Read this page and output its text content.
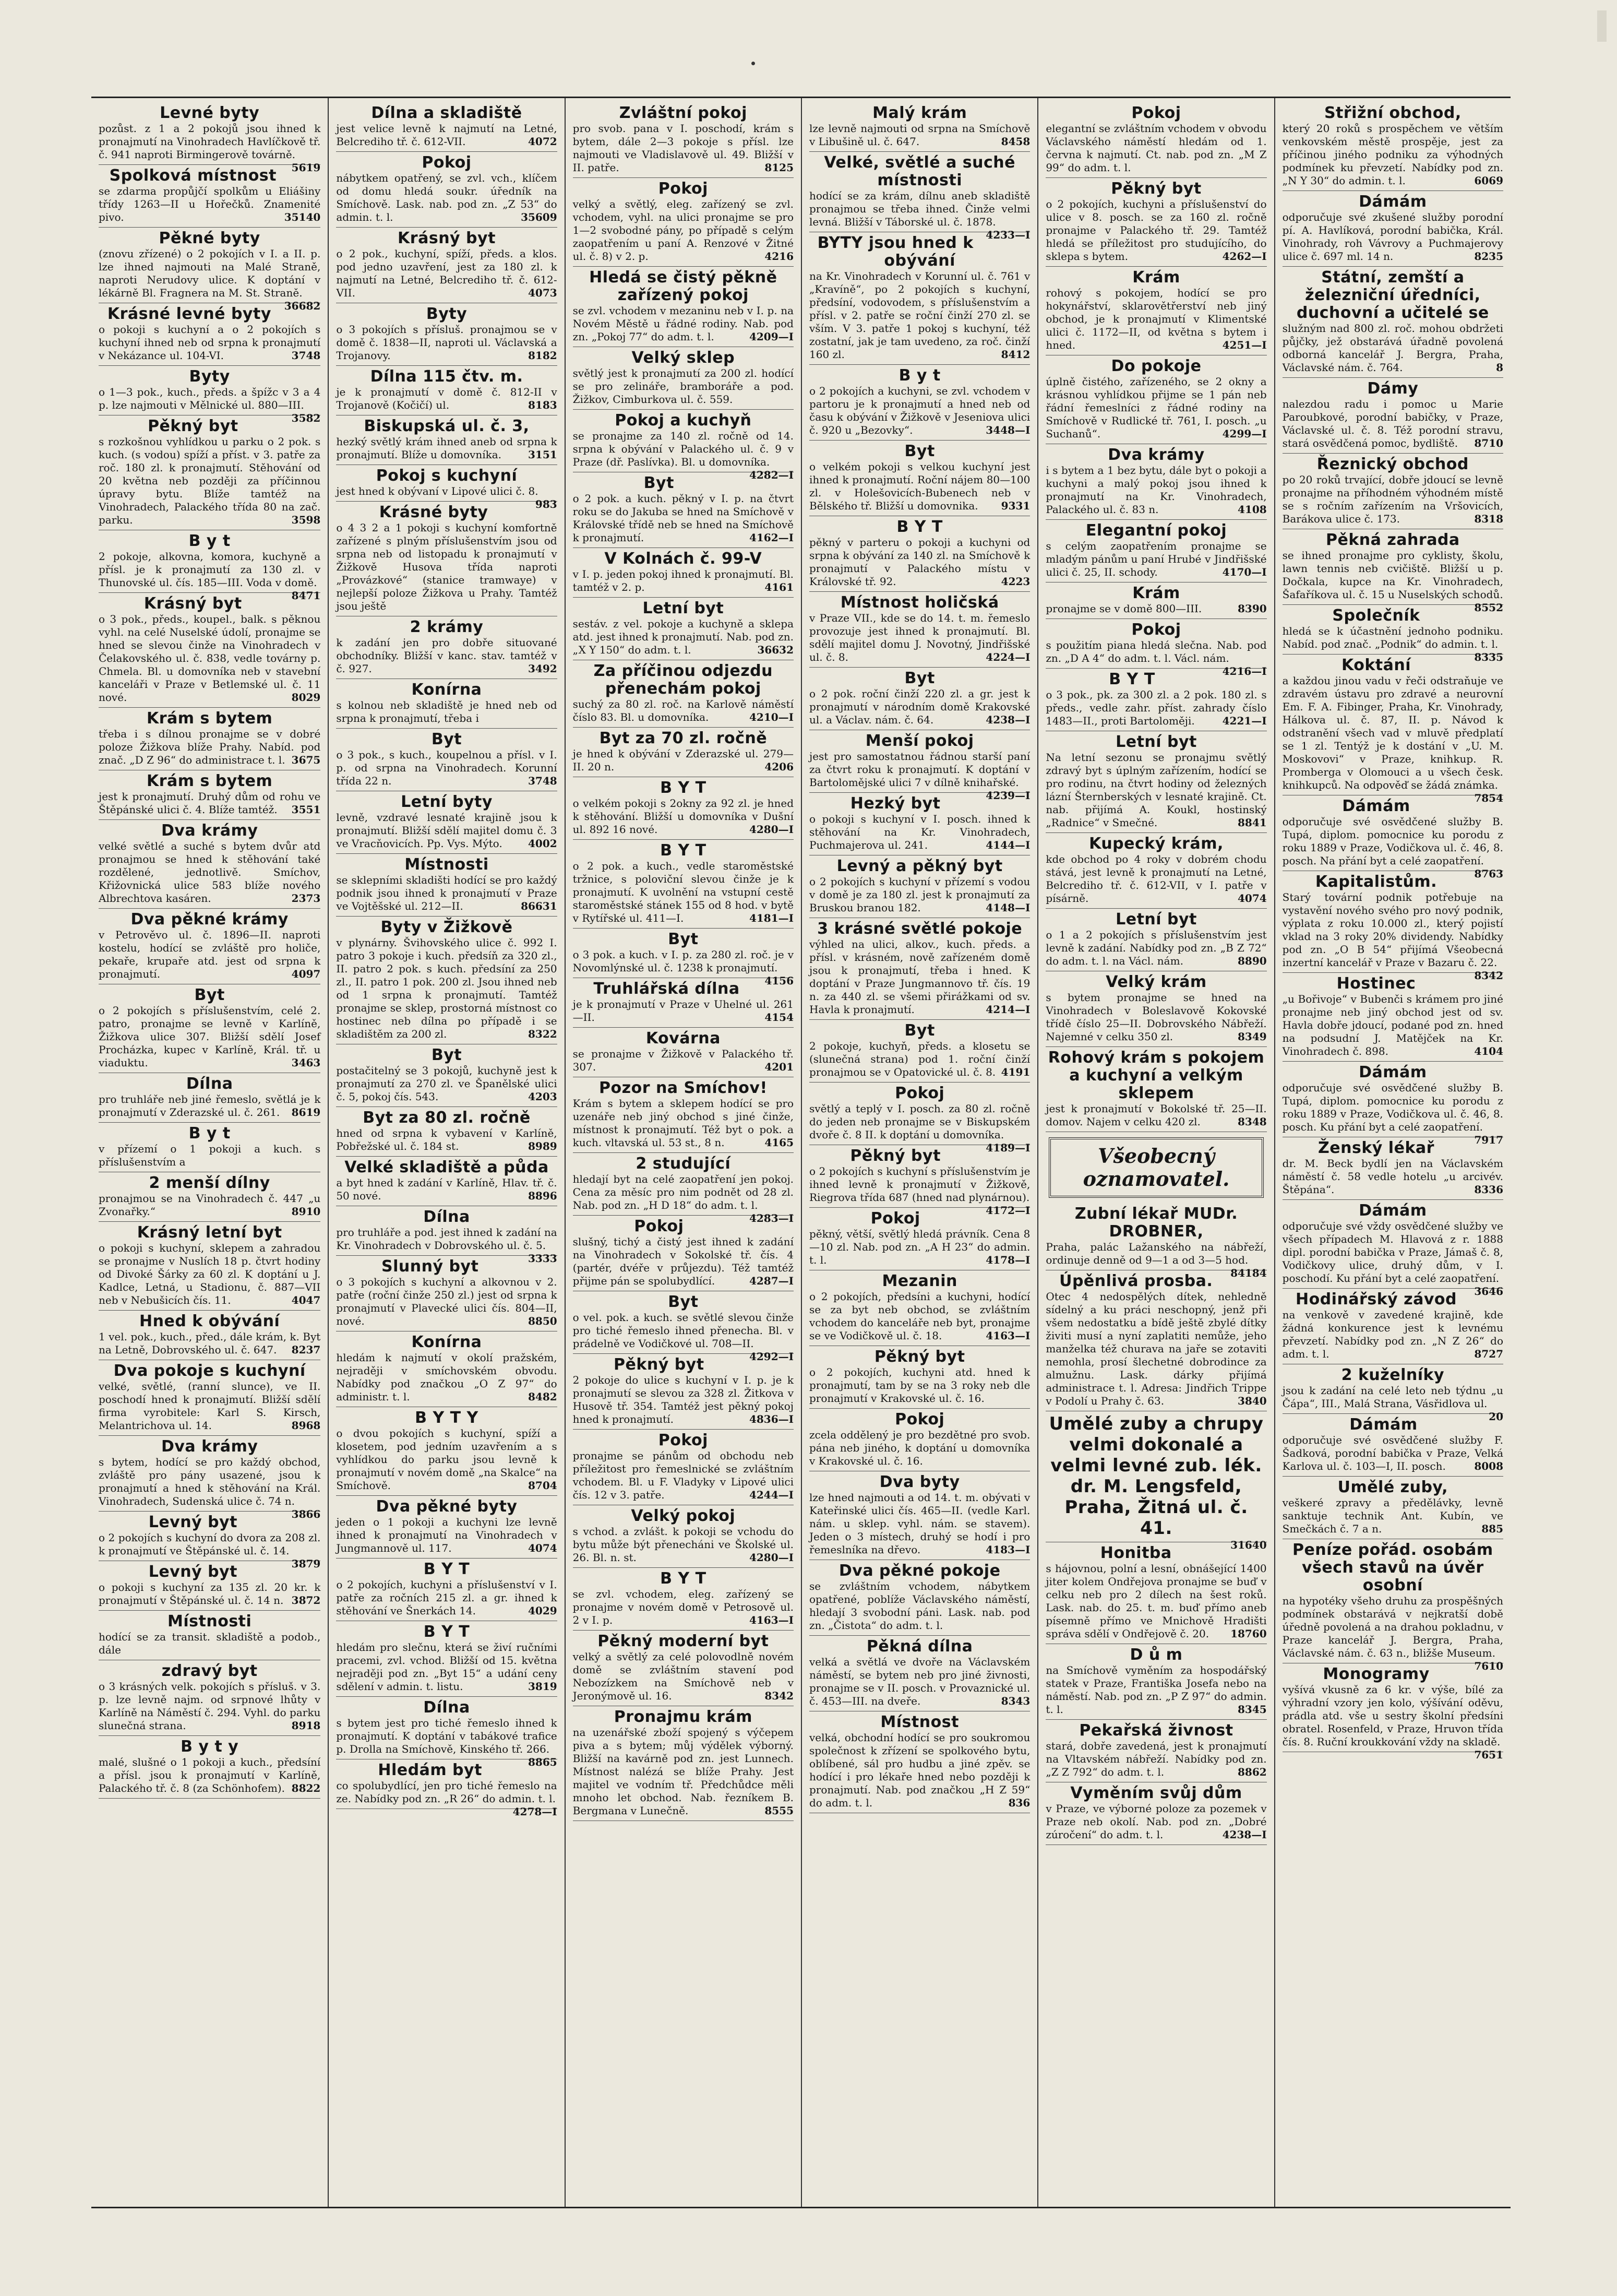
Levné byty
pozůst. z 1 a 2 pokojů jsou ihned k pronajmutí na Vinohradech Havlíčkově tř. č. 941 naproti Birmingerově továrně.
5619
Spolková místnost
se zdarma propůjčí spolkům u Eliášiny třídy 1263—II u Hořečků. Znamenité pivo.	35140
Pěkné byty
(znovu zřízené) o 2 pokojích v I. a II. p. lze ihned najmouti na Malé Straně, naproti Nerudovy ulice. K doptání v lékárně Bl. Fragnera na M. St. Straně.
36682
Krásné levné byty
o pokoji s kuchyní a o 2 pokojích s kuchyní ihned neb od srpna k pronajmutí v Nekázance ul. 104-VI.	3748
Byty
o 1—3 pok., kuch., předs. a špížc v 3 a 4 p. lze najmouti v Mělnické ul. 880—III.
3582
Pěkný byt
s rozkošnou vyhlídkou u parku o 2 pok. s kuch. (s vodou) spíží a příst. v 3. patře za roč. 180 zl. k pronajmutí. Stěhování od 20 května neb později za příčinnou úpravy bytu. Blíže tamtéž na Vinohradech, Palackého třída 80 na zač. parku.	3598
B y t
2 pokoje, alkovna, komora, kuchyně a přísl. je k pronajmutí za 130 zl. v Thunovské ul. čís. 185—III. Voda v domě.
8471
Krásný byt
o 3 pok., předs., koupel., balk. s pěknou vyhl. na celé Nuselské údolí, pronajme se hned se slevou činže na Vinohradech v Čelakovského ul. č. 838, vedle továrny p. Chmela. Bl. u domovníka neb v stavební kanceláři v Praze v Betlemské ul. č. 11 nové.	8029
Krám s bytem
třeba i s dílnou pronajme se v dobré poloze Žižkova blíže Prahy. Nabíd. pod znač. „D Z 96“ do administrace t. l. 3675
Krám s bytem
jest k pronajmutí. Druhý dům od rohu ve Štěpánské ulici č. 4. Blíže tamtéž. 3551
Dva krámy
velké světlé a suché s bytem dvůr atd pronajmou se hned k stěhování také rozdělené, jednotlivě. Smíchov, Křižovnická ulice 583 blíže nového Albrechtova kasáren.	2373
Dva pěkné krámy
v Petrověvo ul. č. 1896—II. naproti kostelu, hodící se zvláště pro holiče, pekaře, krupaře atd. jest od srpna k pronajmutí.	4097
Byt
o 2 pokojích s příslušenstvím, celé 2. patro, pronajme se levně v Karlíně, Žižkova ulice 307. Bližší sdělí Josef Procházka, kupec v Karlíně, Král. tř. u viaduktu.	3463
Dílna
pro truhláře neb jiné řemeslo, světlá je k pronajmutí v Zderazské ul. č. 261. 8619
B y t
v přízemí o 1 pokoji a kuch. s příslušenstvím a
2 menší dílny
pronajmou se na Vinohradech č. 447 „u Zvonařky.“	8910
Krásný letní byt
o pokoji s kuchyní, sklepem a zahradou se pronajme v Nuslích 18 p. čtvrt hodiny od Divoké Šárky za 60 zl. K doptání u J. Kadlce, Letná, u Stadionu, č. 887—VII neb v Nebušicích čís. 11.	4047
Hned k obývání
1 vel. pok., kuch., před., dále krám, k. Byt na Letně, Dobrovského ul. č. 647. 8237
Dva pokoje s kuchyní
velké, světlé, (ranní slunce), ve II. poschodí hned k pronajmutí. Bližší sdělí firma vyrobitele: Karl S. Kirsch, Melantrichova ul. 14.	8968
Dva krámy
s bytem, hodící se pro každý obchod, zvláště pro pány usazené, jsou k pronajmutí a hned k stěhování na Král. Vinohradech, Sudenská ulice č. 74 n.
3866
Levný byt
o 2 pokojích s kuchyní do dvora za 208 zl. k pronajmutí ve Štěpánské ul. č. 14.
3879
Levný byt
o pokoji s kuchyní za 135 zl. 20 kr. k pronajmutí v Štěpánské ul. č. 14 n. 3872
Místnosti
hodící se za transit. skladiště a podob., dále
zdravý byt
o 3 krásných velk. pokojích s přísluš. v 3. p. lze levně najm. od srpnové lhůty v Karlíně na Náměstí č. 294. Vyhl. do parku slunečná strana.	8918
B y t y
malé, slušné o 1 pokoji a kuch., předsíní a přísl. jsou k pronajmutí v Karlíně, Palackého tř. č. 8 (za Schönhofem). 8822
Dílna a skladiště
jest velice levně k najmutí na Letné, Belcrediho tř. č. 612-VII.	4072
Pokoj
nábytkem opatřený, se zvl. vch., klíčem od domu hledá soukr. úředník na Smíchově. Lask. nab. pod zn. „Z 53“ do admin. t. l.	35609
Krásný byt
o 2 pok., kuchyní, spíží, předs. a klos. pod jedno uzavření, jest za 180 zl. k najmutí na Letné, Belcrediho tř. č. 612-VII.	4073
Byty
o 3 pokojích s přísluš. pronajmou se v domě č. 1838—II, naproti ul. Václavská a Trojanovy.	8182
Dílna 115 čtv. m.
je k pronajmutí v domě č. 812-II v Trojanově (Kočičí) ul.	8183
Biskupská ul. č. 3,
hezký světlý krám ihned aneb od srpna k pronajmutí. Blíže u domovníka.	3151
Pokoj s kuchyní
jest hned k obývaní v Lipové ulici č. 8.
983
Krásné byty
o 4 3 2 a 1 pokoji s kuchyní komfortně zařízené s plným příslušenstvím jsou od srpna neb od listopadu k pronajmutí v Žižkově Husova třída naproti „Provázkové“ (stanice tramwaye) v nejlepší poloze Žižkova u Prahy. Tamtéž jsou ještě
2 krámy
k zadání jen pro dobře situované obchodníky. Bližší v kanc. stav. tamtéž v č. 927.	3492
Konírna
s kolnou neb skladiště je hned neb od srpna k pronajmutí, třeba i
Byt
o 3 pok., s kuch., koupelnou a přísl. v I. p. od srpna na Vinohradech. Korunní třída 22 n.	3748
Letní byty
levně, vzdravé lesnaté krajině jsou k pronajmutí. Bližší sdělí majitel domu č. 3 ve Vracňovicích. Pp. Vys. Mýto. 4002
Místnosti
se sklepními skladišti hodící se pro každý podnik jsou ihned k pronajmutí v Praze ve Vojtěšské ul. 212—II.	86631
Byty v Žižkově
v plynárny. Švihovského ulice č. 992 I. patro 3 pokoje i kuch. předsíň za 320 zl., II. patro 2 pok. s kuch. předsíní za 250 zl., II. patro 1 pok. 200 zl. Jsou ihned neb od 1 srpna k pronajmutí. Tamtéž pronajme se sklep, prostorná místnost co hostinec neb dílna po případě i se skladištěm za 200 zl.	8322
Byt
postačitelný se 3 pokojů, kuchyně jest k pronajmutí za 270 zl. ve Španělské ulici č. 5, pokoj čís. 543.	4203
Byt za 80 zl. ročně
hned od srpna k vybavení v Karlíně, Pobřežské ul. č. 184 st.	8989
Velké skladiště a půda
a byt hned k zadání v Karlíně, Hlav. tř. č. 50 nové.	8896
Dílna
pro truhláře a pod. jest ihned k zadání na Kr. Vinohradech v Dobrovského ul. č. 5.
3333
Slunný byt
o 3 pokojích s kuchyní a alkovnou v 2. patře (roční činže 250 zl.) jest od srpna k pronajmutí v Plavecké ulici čís. 804—II, nové.	8850
Konírna
hledám k najmutí v okolí pražském, nejraději v smíchovském obvodu. Nabídky pod značkou „O Z 97“ do administr. t. l.	8482
B Y T Y
o dvou pokojích s kuchyní, spíží a klosetem, pod jedním uzavřením a s vyhlídkou do parku jsou levně k pronajmutí v novém domě „na Skalce“ na Smíchově.	8704
Dva pěkné byty
jeden o 1 pokoji a kuchyni lze levně ihned k pronajmutí na Vinohradech v Jungmannově ul. 117.	4074
B Y T
o 2 pokojích, kuchyni a příslušenství v I. patře za ročních 215 zl. a gr. ihned k stěhování ve Šnerkách 14.	4029
B Y T
hledám pro slečnu, která se živí ručními pracemi, zvl. vchod. Bližší od 15. května nejraději pod zn. „Byt 15“ a udání ceny sdělení v admin. t. listu.	3819
Dílna
s bytem jest pro tiché řemeslo ihned k pronajmutí. K doptání v tabákové trafice p. Drolla na Smíchově, Kinského tř. 266.
8865
Hledám byt
co spolubydlící, jen pro tiché řemeslo na ze. Nabídky pod zn. „R 26“ do admin. t. l.
4278—I
Zvláštní pokoj
pro svob. pana v I. poschodí, krám s bytem, dále 2—3 pokoje s přísl. lze najmouti ve Vladislavově ul. 49. Bližší v II. patře.	8125
Pokoj
velký a světlý, eleg. zařízený se zvl. vchodem, vyhl. na ulici pronajme se pro 1—2 svobodné pány, po případě s celým zaopatřením u paní A. Renzové v Žitné ul. č. 8) v 2. p.	4216
Hledá se čistý pěkně zařízený pokoj
se zvl. vchodem v mezaninu neb v I. p. na Novém Městě u řádné rodiny. Nab. pod zn. „Pokoj 77“ do adm. t. l.	4209—I
Velký sklep
světlý jest k pronajmutí za 200 zl. hodící se pro zelináře, bramboráře a pod. Žižkov, Cimburkova ul. č. 559.
Pokoj a kuchyň
se pronajme za 140 zl. ročně od 14. srpna k obývání v Palackého ul. č. 9 v Praze (dř. Paslívka). Bl. u domovníka.
4282—I
Byt
o 2 pok. a kuch. pěkný v I. p. na čtvrt roku se do Jakuba se hned na Smíchově v Královské třídě neb se hned na Smíchově k pronajmutí.	4162—I
V Kolnách č. 99-V
v I. p. jeden pokoj ihned k pronajmutí. Bl. tamtéž v 2. p.	4161
Letní byt
sestáv. z vel. pokoje a kuchyně a sklepa atd. jest ihned k pronajmutí. Nab. pod zn. „X Y 150“ do adm. t. l.	36632
Za příčinou odjezdu přenechám pokoj
suchý za 80 zl. roč. na Karlově náměstí číslo 83. Bl. u domovníka.	4210—I
Byt za 70 zl. ročně
je hned k obývání v Zderazské ul. 279—II. 20 n.	4206
B Y T
o velkém pokoji s 2okny za 92 zl. je hned k stěhování. Bližší u domovníka v Dušní ul. 892 16 nové.	4280—I
B Y T
o 2 pok. a kuch., vedle staroměstské tržnice, s poloviční slevou činže je k pronajmutí. K uvolnění na vstupní cestě staroměstské stánek 155 od 8 hod. v bytě v Rytířské ul. 411—I.	4181—I
Byt
o 3 pok. a kuch. v I. p. za 280 zl. roč. je v Novomlýnské ul. č. 1238 k pronajmutí.
4156
Truhlářská dílna
je k pronajmutí v Praze v Uhelné ul. 261—II.	4154
Kovárna
se pronajme v Žižkově v Palackého tř. 307.	4201
Pozor na Smíchov!
Krám s bytem a sklepem hodící se pro uzenáře neb jiný obchod s jiné činže, místnost k pronajmutí. Též byt o pok. a kuch. vltavská ul. 53 st., 8 n.	4165
2 studující
hledají byt na celé zaopatření jen pokoj. Cena za měsíc pro nim podnět od 28 zl. Nab. pod zn. „H D 18“ do adm. t. l.
4283—I
Pokoj
slušný, tichý a čistý jest ihned k zadání na Vinohradech v Sokolské tř. čís. 4 (partér, dvéře v průjezdu). Též tamtéž přijme pán se spolubydlící.	4287—I
Byt
o vel. pok. a kuch. se světlé slevou činže pro tiché řemeslo ihned přenecha. Bl. v prádelně ve Vodičkové ul. 708—II.
4292—I
Pěkný byt
2 pokoje do ulice s kuchyní v I. p. je k pronajmutí se slevou za 328 zl. Žitkova v Husově tř. 354. Tamtéž jest pěkný pokoj hned k pronajmutí.	4836—I
Pokoj
pronajme se pánům od obchodu neb příležitost pro řemeslnické se zvláštním vchodem. Bl. u F. Vladyky v Lipové ulici čís. 12 v 3. patře.	4244—I
Velký pokoj
s vchod. a zvlášt. k pokoji se vchodu do bytu může být přenecháni ve Školské ul. 26. Bl. n. st.	4280—I
B Y T
se zvl. vchodem, eleg. zařízený se pronajme v novém domě v Petrosově ul. 2 v I. p.	4163—I
Pěkný moderní byt
velký a světlý za celé polovodlně novém domě se zvláštním stavení pod Nebozízkem na Smíchově neb v Jeronýmově ul. 16.	8342
Pronajmu krám
na uzenářské zboží spojený s výčepem piva a s bytem; můj výdělek výborný. Bližší na kavárně pod zn. jest Lunnech. Místnost nalézá se blíže Prahy. Jest majitel ve vodním tř. Předchůdce měli mnoho let obchod. Nab. řezníkem B. Bergmana v Lunečně.	8555
Malý krám
lze levně najmouti od srpna na Smíchově v Libušině ul. č. 647.	8458
Velké, světlé a suché místnosti
hodící se za krám, dílnu aneb skladiště pronajmou se třeba ihned. Činže velmi levná. Bližší v Táborské ul. č. 1878.
4233—I
BYTY jsou hned k obývání
na Kr. Vinohradech v Korunní ul. č. 761 v „Kravíně“, po 2 pokojích s kuchyní, předsíní, vodovodem, s příslušenstvím a přísl. v 2. patře se roční činží 270 zl. se vším. V 3. patře 1 pokoj s kuchyní, též zostatní, jak je tam uvedeno, za roč. činží 160 zl.	8412
B y t
o 2 pokojích a kuchyni, se zvl. vchodem v partoru je k pronajmutí a hned neb od času k obývání v Žižkově v Jeseniova ulici č. 920 u „Bezovky“.	3448—I
Byt
o velkém pokoji s velkou kuchyní jest ihned k pronajmutí. Roční nájem 80—100 zl. v Holešovicích-Bubenech neb v Bělského tř. Bližší u domovnika. 9331
B Y T
pěkný v parteru o pokoji a kuchyni od srpna k obývání za 140 zl. na Smíchově k pronajmutí v Palackého místu v Královské tř. 92.	4223
Místnost holičská
v Praze VII., kde se do 14. t. m. řemeslo provozuje jest ihned k pronajmutí. Bl. sdělí majitel domu J. Novotný, Jindřišské ul. č. 8.	4224—I
Byt
o 2 pok. roční činží 220 zl. a gr. jest k pronajmutí v národním domě Krakovské ul. a Václav. nám. č. 64.	4238—I
Menší pokoj
jest pro samostatnou řádnou starší paní za čtvrt roku k pronajmutí. K doptání v Bartolomějské ulici 7 v dílně knihařské.
4239—I
Hezký byt
o pokoji s kuchyní v I. posch. ihned k stěhování na Kr. Vinohradech, Puchmajerova ul. 241.	4144—I
Levný a pěkný byt
o 2 pokojích s kuchyní v přízemí s vodou v domě je za 180 zl. jest k pronajmutí za Bruskou branou 182.	4148—I
3 krásné světlé pokoje
výhled na ulici, alkov., kuch. předs. a přísl. v krásném, nově zařízeném domě jsou k pronajmutí, třeba i hned. K doptání v Praze Jungmannovo tř. čís. 19 n. za 440 zl. se všemi přirážkami od sv. Havla k pronajmutí.	4214—I
Byt
2 pokoje, kuchyň, předs. a klosetu se (slunečná strana) pod 1. roční činží pronajmou se v Opatovické ul. č. 8. 4191
Pokoj
světlý a teplý v I. posch. za 80 zl. ročně do jeden neb pronajme se v Biskupském dvoře č. 8 II. k doptání u domovníka.
4189—I
Pěkný byt
o 2 pokojích s kuchyní s příslušenstvím je ihned levně k pronajmutí v Žižkově, Riegrova třída 687 (hned nad plynárnou).
4172—I
Pokoj
pěkný, větší, světlý hledá právník. Cena 8—10 zl. Nab. pod zn. „A H 23“ do admin. t. l.	4178—I
Mezanin
o 2 pokojích, předsíni a kuchyni, hodící se za byt neb obchod, se zvláštním vchodem do kanceláře neb byt, pronajme se ve Vodičkově ul. č. 18.	4163—I
Pěkný byt
o 2 pokojích, kuchyni atd. hned k pronajmutí, tam by se na 3 roky neb dle pronajmutí v Krakovské ul. č. 16.
Pokoj
zcela oddělený je pro bezdětné pro svob. pána neb jiného, k doptání u domovníka v Krakovské ul. č. 16.
Dva byty
lze hned najmouti a od 14. t. m. obývati v Kateřinské ulici čís. 465—II. (vedle Karl. nám. u sklep. vyhl. nám. se stavem). Jeden o 3 místech, druhý se hodí i pro řemeslníka na dřevo.	4183—I
Dva pěkné pokoje
se zvláštním vchodem, nábytkem opatřené, poblíže Václavského náměstí, hledají 3 svobodní páni. Lask. nab. pod zn. „Čistota“ do adm. t. l.
Pěkná dílna
velká a světlá ve dvoře na Václavském náměstí, se bytem neb pro jiné živnosti, pronajme se v II. posch. v Provaznické ul. č. 453—III. na dveře.	8343
Místnost
velká, obchodní hodící se pro soukromou společnost k zřízení se spolkového bytu, oblíbené, sál pro hudbu a jiné zpěv. se hodící i pro lékaře hned nebo později k pronajmutí. Nab. pod značkou „H Z 59“ do adm. t. l.	836
Pokoj
elegantní se zvláštním vchodem v obvodu Václavského náměstí hledám od 1. června k najmutí. Ct. nab. pod zn. „M Z 99“ do adm. t. l.
Pěkný byt
o 2 pokojích, kuchyni a příslušenství do ulice v 8. posch. se za 160 zl. ročně pronajme v Palackého tř. 29. Tamtéž hledá se příležitost pro studujícího, do sklepa s bytem.	4262—I
Krám
rohový s pokojem, hodící se pro hokynářství, sklarovětřerství neb jiný obchod, je k pronajmutí v Klimentské ulici č. 1172—II, od května s bytem i hned.	4251—I
Do pokoje
úplně čistého, zařízeného, se 2 okny a krásnou vyhlídkou přijme se 1 pán neb řádní řemeslníci z řádné rodiny na Smíchově v Rudlické tř. 761, I. posch. „u Suchanů“.	4299—I
Dva krámy
i s bytem a 1 bez bytu, dále byt o pokoji a kuchyni a malý pokoj jsou ihned k pronajmutí na Kr. Vinohradech, Palackého ul. č. 83 n.	4108
Elegantní pokoj
s celým zaopatřením pronajme se mladým pánům u paní Hrubé v Jindřišské ulici č. 25, II. schody.	4170—I
Krám
pronajme se v domě 800—III.	8390
Pokoj
s použitím piana hledá slečna. Nab. pod zn. „D A 4“ do adm. t. l. Václ. nám.
4216—I
B Y T
o 3 pok., pk. za 300 zl. a 2 pok. 180 zl. s předs., vedle zahr. příst. zahrady číslo 1483—II., proti Bartoloměji.	4221—I
Letní byt
Na letní sezonu se pronajmu světlý zdravý byt s úplným zařízením, hodící se pro rodinu, na čtvrt hodiny od železných lázní Šternberských v lesnaté krajině. Ct. nab. přijímá A. Koukl, hostinský „Radnice“ v Smečné.	8841
Kupecký krám,
kde obchod po 4 roky v dobrém chodu stává, jest levně k pronajmutí na Letné, Belcrediho tř. č. 612-VII, v I. patře v písárně.	4074
Letní byt
o 1 a 2 pokojích s příslušenstvím jest levně k zadání. Nabídky pod zn. „B Z 72“ do adm. t. l. na Václ. nám.	8890
Velký krám
s bytem pronajme se hned na Vinohradech v Boleslavově Kokovské třídě číslo 25—II. Dobrovského Nábřeží. Najemné v celku 350 zl.	8349
Rohový krám s pokojem a kuchyní a velkým sklepem
jest k pronajmutí v Bokolské tř. 25—II. domov. Najem v celku 420 zl.	8348
Všeobecný oznamovatel.
Zubní lékař MUDr. DROBNER,
Praha, palác Lažanského na nábřeží, ordinuje denně od 9—1 a od 3—5 hod.
84184
Úpěnlivá prosba.
Otec 4 nedospělých dítek, nehledně sídelný a ku práci neschopný, jenž při všem nedostatku a bídě ještě zbylé dítky živiti musí a nyní zaplatiti nemůže, jeho manželka též churava na jaře se zotaviti nemohla, prosí šlechetné dobrodince za almužnu. Lask. dárky přijímá administrace t. l. Adresa: Jindřich Trippe v Podolí u Prahy č. 63.	3840
Umělé zuby a chrupy velmi dokonalé a velmi levné zub. lék. dr. M. Lengsfeld, Praha, Žitná ul. č. 41.
31640
Honitba
s hájovnou, polní a lesní, obnášející 1400 jiter kolem Ondřejova pronajme se buď v celku neb pro 2 dílech na šest roků. Lask. nab. do 25. t. m. buď přímo aneb písemně přímo ve Mnichově Hradišti správa sdělí v Ondřejově č. 20. 18760
D ů m
na Smíchově vyměním za hospodářský statek v Praze, Františka Josefa nebo na náměstí. Nab. pod zn. „P Z 97“ do admin. t. l.	8345
Pekařská živnost
stará, dobře zavedená, jest k pronajmutí na Vltavském nábřeží. Nabídky pod zn. „Z Z 792“ do adm. t. l.	8862
Vyměním svůj dům
v Praze, ve výborné poloze za pozemek v Praze neb okolí. Nab. pod zn. „Dobré zúročení“ do adm. t. l.	4238—I
Střižní obchod,
který 20 roků s prospěchem ve větším venkovském městě prospěje, jest za příčinou jiného podniku za výhodných podmínek ku převzetí. Nabídky pod zn. „N Y 30“ do admin. t. l.	6069
Dámám
odporučuje své zkušené služby porodní pí. A. Havlíková, porodní babička, Král. Vinohrady, roh Vávrovy a Puchmajerovy ulice č. 697 ml. 14 n.	8235
Státní, zemští a železniční úředníci, duchovní a učitelé se
služným nad 800 zl. roč. mohou obdržeti půjčky, jež obstarává úřadně povolená odborná kancelář J. Bergra, Praha, Václavské nám. č. 764.	8
Dámy
nalezdou radu i pomoc u Marie Paroubkové, porodní babičky, v Praze, Václavské ul. č. 8. Též porodní stravu, stará osvědčená pomoc, bydliště. 8710
Řeznický obchod
po 20 roků trvající, dobře jdoucí se levně pronajme na příhodném výhodném místě se s ročním zařízením na Vršovicích, Barákova ulice č. 173.	8318
Pěkná zahrada
se ihned pronajme pro cyklisty, školu, lawn tennis neb cvičiště. Bližší u p. Dočkala, kupce na Kr. Vinohradech, Šafaříkova ul. č. 15 u Nuselských schodů.
8552
Společník
hledá se k účastnění jednoho podniku. Nabíd. pod znač. „Podnik“ do admin. t. l.
8335
Koktání
a každou jinou vadu v řeči odstraňuje ve zdravém ústavu pro zdravé a neurovní Em. F. A. Fibinger, Praha, Kr. Vinohrady, Hálkova ul. č. 87, II. p. Návod k odstranění všech vad v mluvě předplatí se 1 zl. Tentýž je k dostání v „U. M. Moskovovi“ v Praze, knihkup. R. Promberga v Olomouci a u všech česk. knihkupců. Na odpověď se žádá známka.
7854
Dámám
odporučuje své osvědčené služby B. Tupá, diplom. pomocnice ku porodu z roku 1889 v Praze, Vodičkova ul. č. 46, 8. posch. Na přání byt a celé zaopatření.
8763
Kapitalistům.
Starý tovární podnik potřebuje na vystavění nového svého pro nový podnik, výplata z roku 10.000 zl., který pojistí vklad na 3 roky 20% dividendy. Nabídky pod zn. „O B 54“ přijímá Všeobecná inzertní kancelář v Praze v Bazaru č. 22.
8342
Hostinec
„u Bořivoje“ v Bubenči s krámem pro jiné pronajme neb jiný obchod jest od sv. Havla dobře jdoucí, podané pod zn. hned na podsudní J. Matějček na Kr. Vinohradech č. 898.	4104
Dámám
odporučuje své osvědčené služby B. Tupá, diplom. pomocnice ku porodu z roku 1889 v Praze, Vodičkova ul. č. 46, 8. posch. Ku přání byt a celé zaopatření.
7917
Ženský lékař
dr. M. Beck bydlí jen na Václavském náměstí č. 58 vedle hotelu „u arcivév. Štěpána“.	8336
Dámám
odporučuje své vždy osvědčené služby ve všech případech M. Hlavová z r. 1888 dipl. porodní babička v Praze, Jámaš č. 8, Vodičkovy ulice, druhý dům, v I. poschodí. Ku přání byt a celé zaopatření.
3646
Hodinářský závod
na venkově v zavedené krajině, kde žádná konkurence jest k levnému převzetí. Nabídky pod zn. „N Z 26“ do adm. t. l.	8727
2 kuželníky
jsou k zadání na celé leto neb týdnu „u Čápa“, III., Malá Strana, Vásřidlova ul.
20
Dámám
odporučuje své osvědčené služby F. Šadková, porodní babička v Praze, Velká Karlova ul. č. 103—I, II. posch.	8008
Umělé zuby,
veškeré zpravy a předělávky, levně sanktuje technik Ant. Kubín, ve Smečkách č. 7 a n.	885
Peníze pořád. osobám všech stavů na úvěr osobní
na hypotéky všeho druhu za prospěšných podmínek obstarává v nejkratší době úředně povolená a na drahou pokladnu, v Praze kancelář J. Bergra, Praha, Václavské nám. č. 63 n., bližše Museum.
7610
Monogramy
vyšívá vkusně za 6 kr. v výše, bílé za výhradní vzory jen kolo, výšívání oděvu, prádla atd. vše u sestry školní předsíni obratel. Rosenfeld, v Praze, Hruvon třída čís. 8. Ruční kroukkování vždy na skladě.
7651
